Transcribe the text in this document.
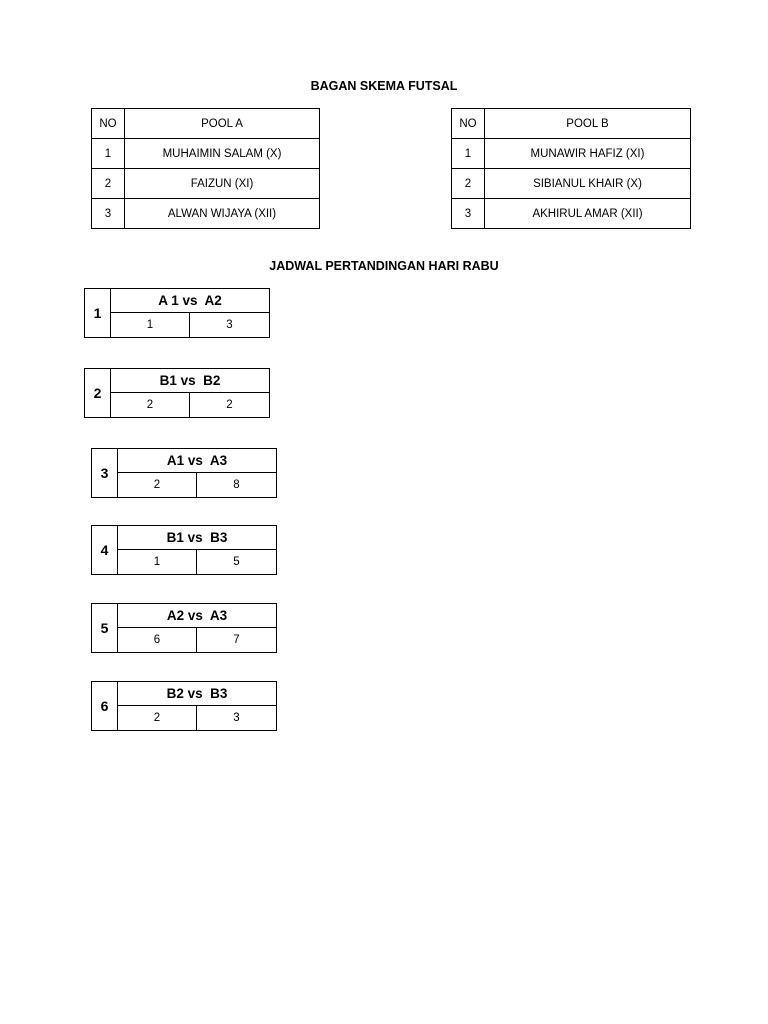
BAGAN SKEMA FUTSAL
NO	POOL A
1	MUHAIMIN SALAM (X)
2	FAIZUN (XI)
3	ALWAN WIJAYA (XII)
NO	POOL B
1	MUNAWIR HAFIZ (XI)
2	SIBIANUL KHAIR (X)
3	AKHIRUL AMAR (XII)
JADWAL PERTANDINGAN HARI RABU
1
A 1 vs  A2
1	3
2
B1 vs  B2
2	2
3
A1 vs  A3
2	8
4
B1 vs  B3
1	5
5
A2 vs  A3
6	7
6
B2 vs  B3
2	3
